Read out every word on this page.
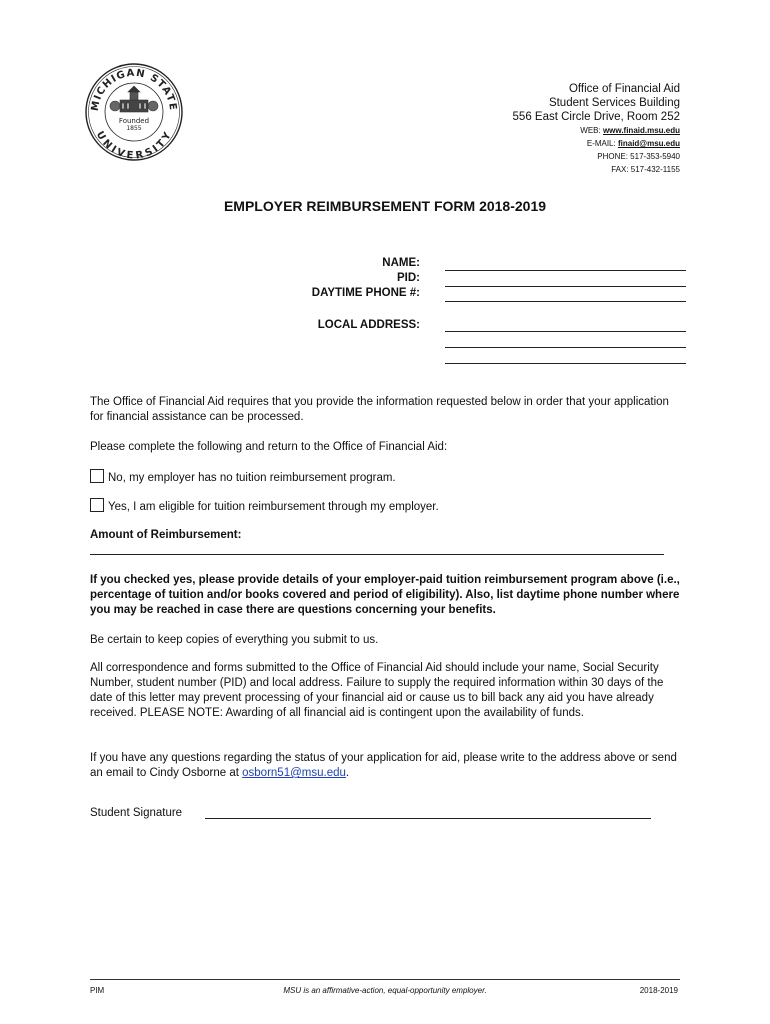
MICHIGAN STATE
UNIVERSITY
Founded
1855
Office of Financial Aid
Student Services Building
556 East Circle Drive, Room 252
WEB: www.finaid.msu.edu
E-MAIL: finaid@msu.edu
PHONE: 517-353-5940
FAX: 517-432-1155
EMPLOYER REIMBURSEMENT FORM 2018-2019
NAME:
PID:
DAYTIME PHONE #:
LOCAL ADDRESS:
The Office of Financial Aid requires that you provide the information requested below in order that your application for financial assistance can be processed.
Please complete the following and return to the Office of Financial Aid:
No, my employer has no tuition reimbursement program.
Yes, I am eligible for tuition reimbursement through my employer.
Amount of Reimbursement:
If you checked yes, please provide details of your employer-paid tuition reimbursement program above (i.e., percentage of tuition and/or books covered and period of eligibility). Also, list daytime phone number where you may be reached in case there are questions concerning your benefits.
Be certain to keep copies of everything you submit to us.
All correspondence and forms submitted to the Office of Financial Aid should include your name, Social Security Number, student number (PID) and local address. Failure to supply the required information within 30 days of the date of this letter may prevent processing of your financial aid or cause us to bill back any aid you have already received. PLEASE NOTE: Awarding of all financial aid is contingent upon the availability of funds.
If you have any questions regarding the status of your application for aid, please write to the address above or send an email to Cindy Osborne at osborn51@msu.edu.
Student Signature
PIM	MSU is an affirmative-action, equal-opportunity employer.	2018-2019
